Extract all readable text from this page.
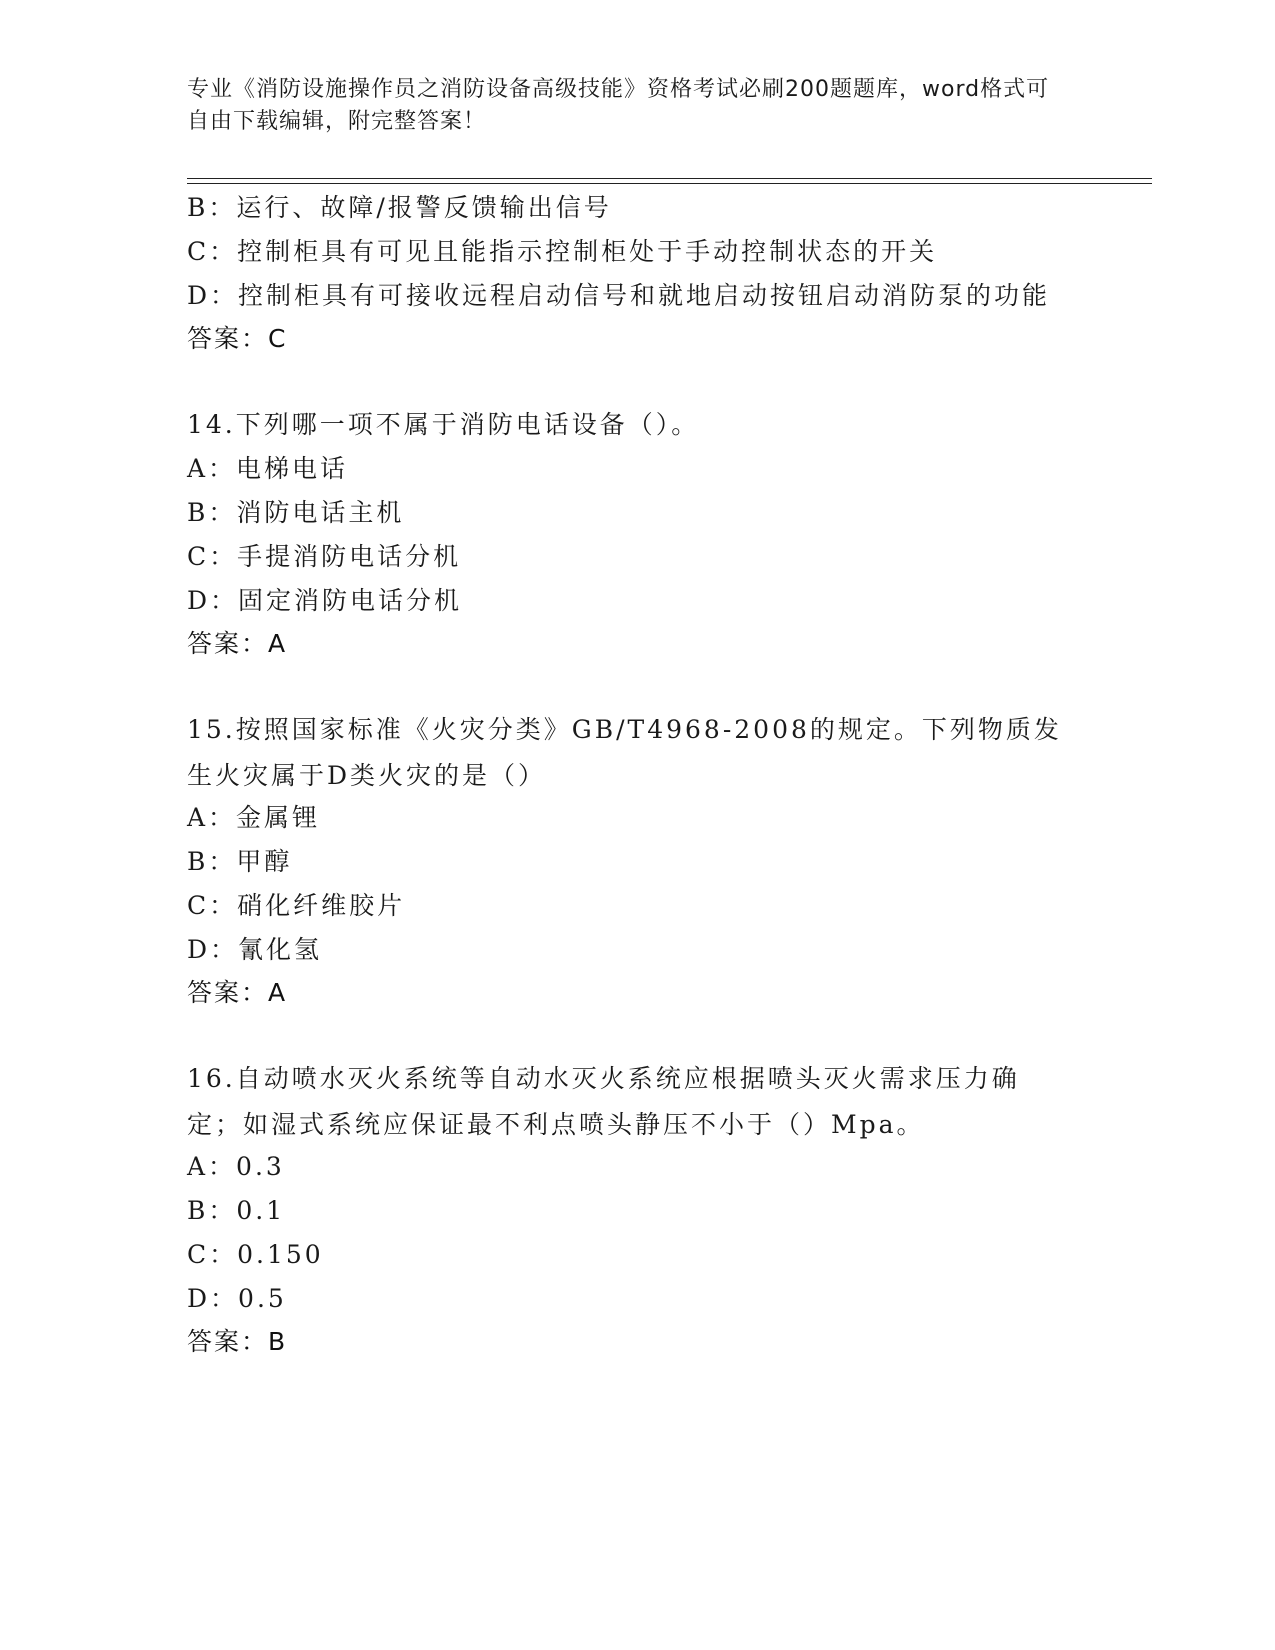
专业《消防设施操作员之消防设备高级技能》资格考试必刷200题题库，word格式可自由下载编辑，附完整答案！
B：运行、故障/报警反馈输出信号
C：控制柜具有可见且能指示控制柜处于手动控制状态的开关
D：控制柜具有可接收远程启动信号和就地启动按钮启动消防泵的功能
答案：C
14.下列哪一项不属于消防电话设备（）。
A：电梯电话
B：消防电话主机
C：手提消防电话分机
D：固定消防电话分机
答案：A
15.按照国家标准《火灾分类》GB/T4968-2008的规定。下列物质发生火灾属于D类火灾的是（）
A：金属锂
B：甲醇
C：硝化纤维胶片
D：氰化氢
答案：A
16.自动喷水灭火系统等自动水灭火系统应根据喷头灭火需求压力确定；如湿式系统应保证最不利点喷头静压不小于（）Mpa。
A：0.3
B：0.1
C：0.150
D：0.5
答案：B
